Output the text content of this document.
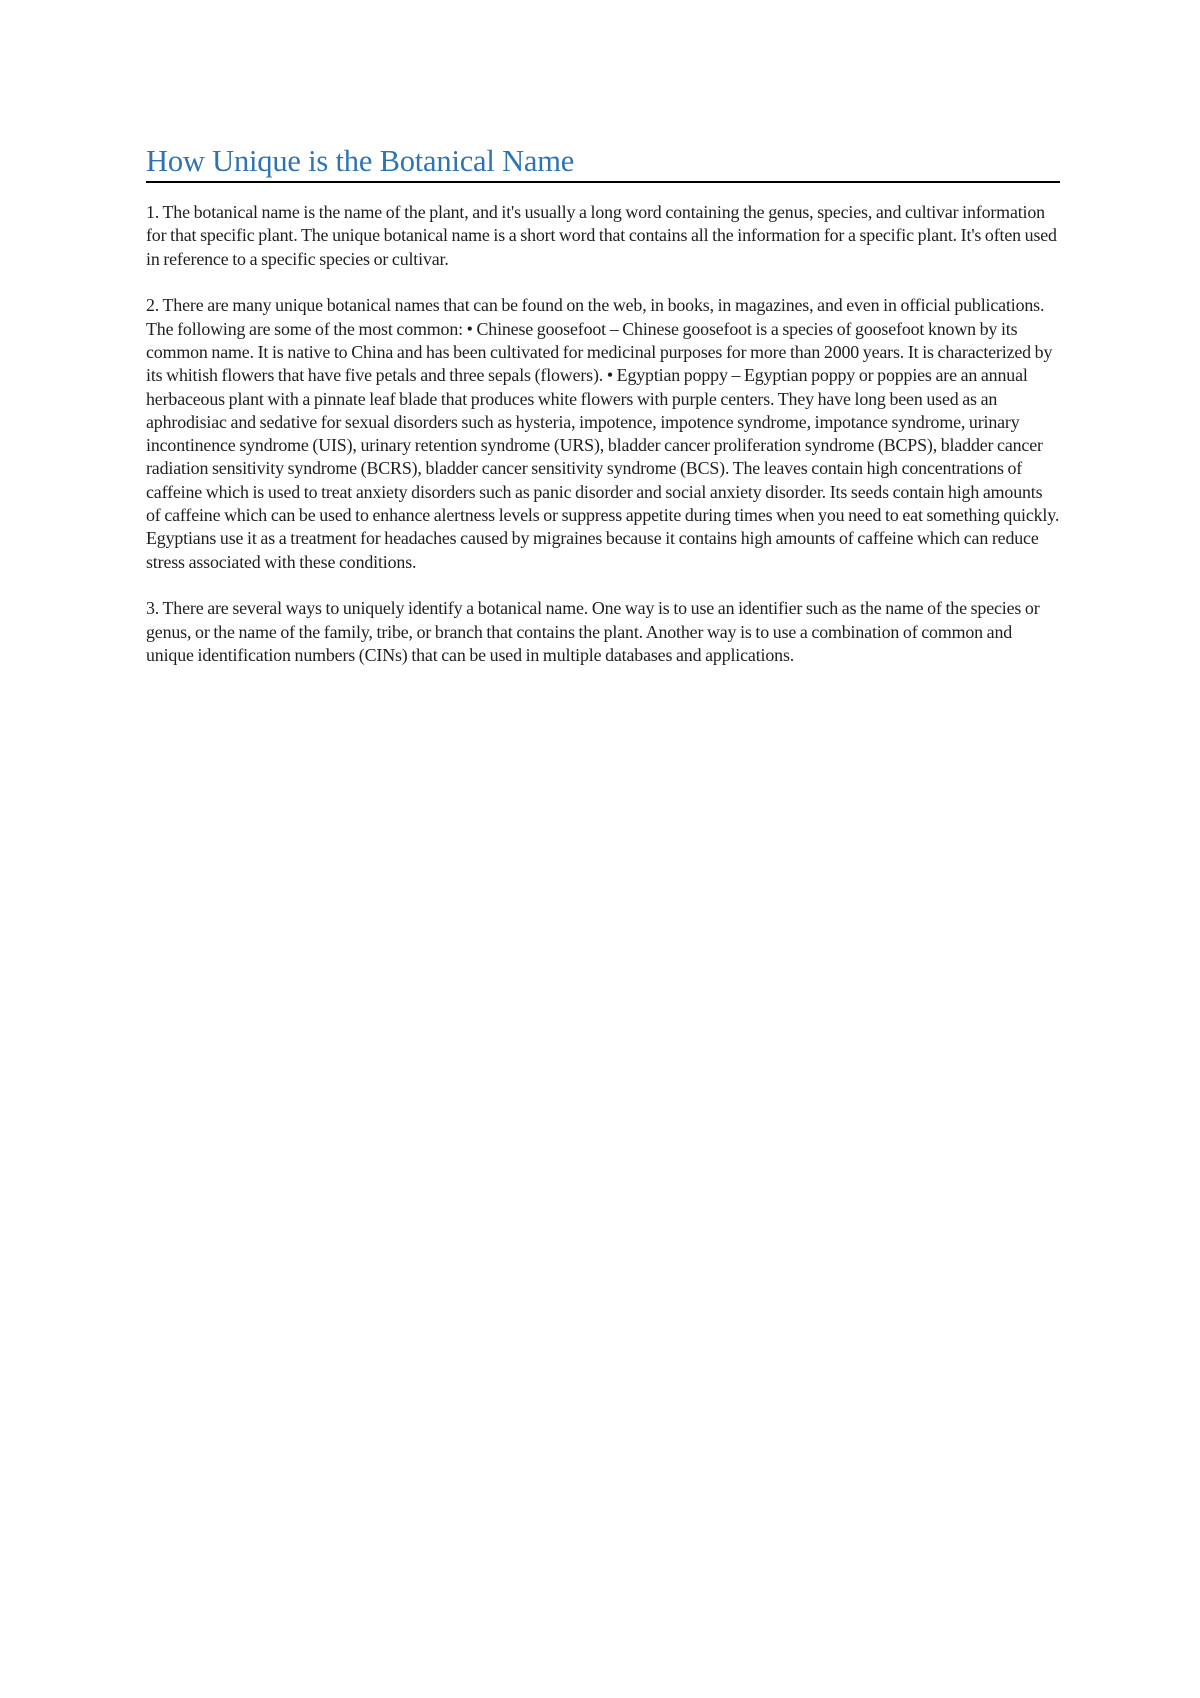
How Unique is the Botanical Name

1. The botanical name is the name of the plant, and it's usually a long word containing the genus, species, and cultivar information for that specific plant. The unique botanical name is a short word that contains all the information for a specific plant. It's often used in reference to a specific species or cultivar.

2. There are many unique botanical names that can be found on the web, in books, in magazines, and even in official publications. The following are some of the most common: • Chinese goosefoot – Chinese goosefoot is a species of goosefoot known by its common name. It is native to China and has been cultivated for medicinal purposes for more than 2000 years. It is characterized by its whitish flowers that have five petals and three sepals (flowers). • Egyptian poppy – Egyptian poppy or poppies are an annual herbaceous plant with a pinnate leaf blade that produces white flowers with purple centers. They have long been used as an aphrodisiac and sedative for sexual disorders such as hysteria, impotence, impotence syndrome, impotance syndrome, urinary incontinence syndrome (UIS), urinary retention syndrome (URS), bladder cancer proliferation syndrome (BCPS), bladder cancer radiation sensitivity syndrome (BCRS), bladder cancer sensitivity syndrome (BCS). The leaves contain high concentrations of caffeine which is used to treat anxiety disorders such as panic disorder and social anxiety disorder. Its seeds contain high amounts of caffeine which can be used to enhance alertness levels or suppress appetite during times when you need to eat something quickly. Egyptians use it as a treatment for headaches caused by migraines because it contains high amounts of caffeine which can reduce stress associated with these conditions.

3. There are several ways to uniquely identify a botanical name. One way is to use an identifier such as the name of the species or genus, or the name of the family, tribe, or branch that contains the plant. Another way is to use a combination of common and unique identification numbers (CINs) that can be used in multiple databases and applications.
